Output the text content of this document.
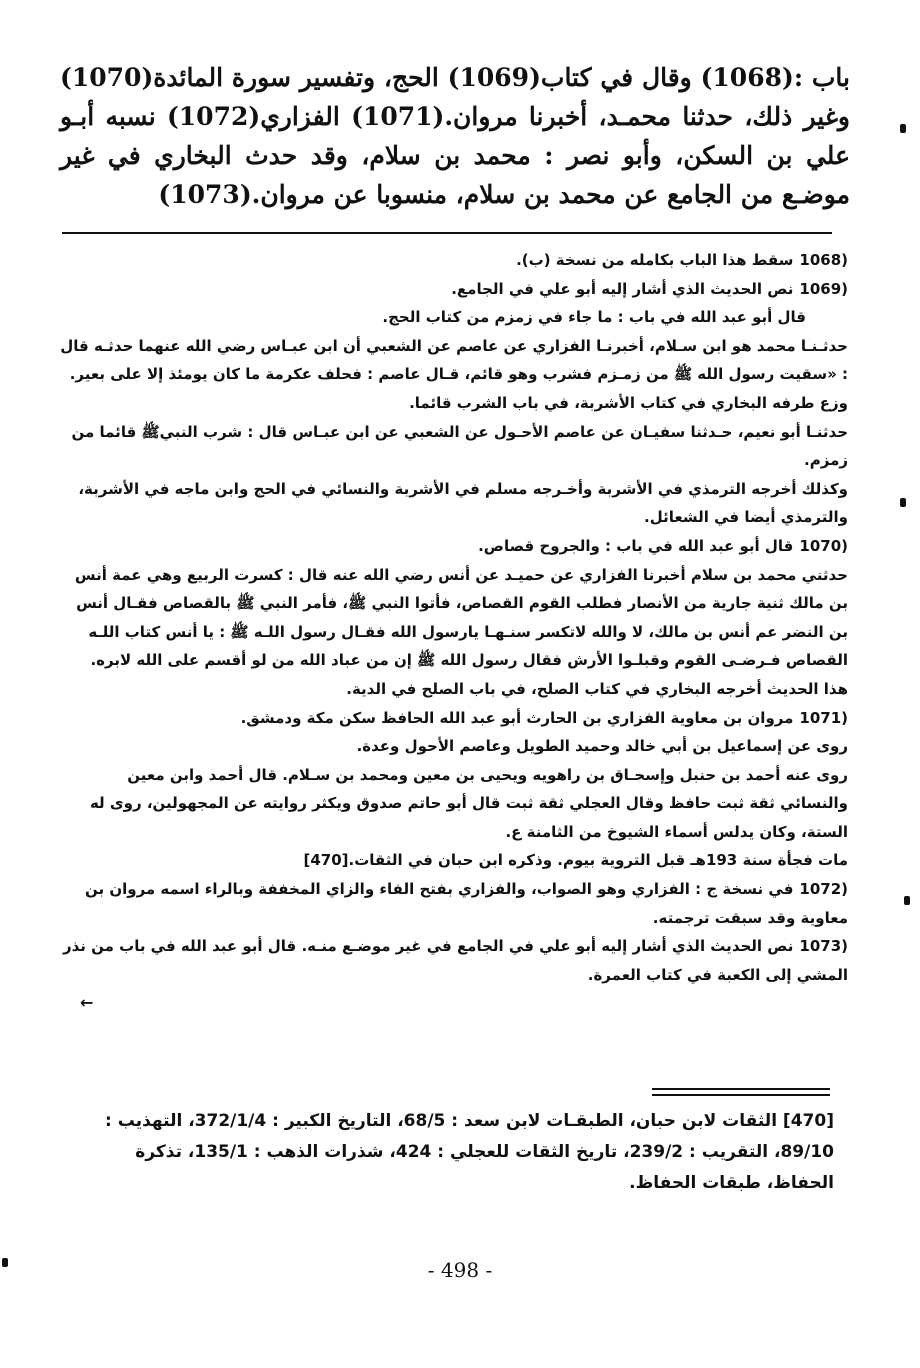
باب :(1068) وقال في كتاب(1069) الحج، وتفسير سورة المائدة(1070) وغير ذلك، حدثنا محمـد، أخبرنا مروان.(1071) الفزاري(1072) نسبه أبـو علي بن السكن، وأبو نصر : محمد بن سلام، وقد حدث البخاري في غير موضـع من الجامع عن محمد بن سلام، منسوبا عن مروان.(1073)

(1068سقط هذا الباب بكامله من نسخة (ب).
(1069نص الحديث الذي أشار إليه أبو علي في الجامع.

قال أبو عبد الله في باب : ما جاء في زمزم من كتاب الحج.

حدثـنـا محمد هو ابن سـلام، أخبرنـا الفزاري عن عاصم عن الشعبي أن ابن عبـاس رضي الله عنهما حدثـه قال : «سقيت رسول الله ﷺ من زمـزم فشرب وهو قائم، قـال عاصم : فحلف عكرمة ما كان يومئذ إلا على بعير. وزع طرفه البخاري في كتاب الأشربة، في باب الشرب قائما.

حدثنـا أبو نعيم، حـدثنا سفيـان عن عاصم الأحـول عن الشعبي عن ابن عبـاس قال : شرب النبيﷺ قائما من زمزم.

وكذلك أخرجه الترمذي في الأشربة وأخـرجه مسلم في الأشربة والنسائي في الحج وابن ماجه في الأشربة، والترمذي أيضا في الشعائل.

(1070قال أبو عبد الله في باب : والجروح قصاص.

حدثني محمد بن سلام أخبرنا الفزاري عن حميـد عن أنس رضي الله عنه قال : كسرت الربيع وهي عمة أنس بن مالك ثنية جارية من الأنصار فطلب القوم القصاص، فأتوا النبي ﷺ، فأمر النبي ﷺ بالقصاص فقـال أنس بن النضر عم أنس بن مالك، لا والله لاتكسر سنـهـا يارسول الله فقـال رسول اللـه ﷺ : يا أنس كتاب اللـه القصاص فـرضـى القوم وقبلـوا الأرش فقال رسول الله ﷺ إن من عباد الله من لو أقسم على الله لابره.

هذا الحديث أخرجه البخاري في كتاب الصلح، في باب الصلح في الدية.

(1071مروان بن معاوية الفزاري بن الحارث أبو عبد الله الحافظ سكن مكة ودمشق.

روى عن إسماعيل بن أبي خالد وحميد الطويل وعاصم الأحول وعدة.

روى عنه أحمد بن حنبل وإسحـاق بن راهويه ويحيى بن معين ومحمد بن سـلام. قال أحمد وابن معين والنسائي ثقة ثبت حافظ وقال العجلي ثقة ثبت قال أبو حاتم صدوق ويكثر روايته عن المجهولين، روى له الستة، وكان يدلس أسماء الشيوخ من الثامنة ع.

مات فجأة سنة 193هـ قبل التروية بيوم. وذكره ابن حبان في الثقات.[470]

(1072في نسخة ج : الفزاري وهو الصواب، والفزاري بفتح الفاء والزاي المخففة وبالراء اسمه مروان بن معاوية وقد سبقت ترجمته.
(1073نص الحديث الذي أشار إليه أبو علي في الجامع في غير موضـع منـه. قال أبو عبد الله في باب من نذر المشي إلى الكعبة في كتاب العمرة.
←

[470] الثقات لابن حبان، الطبقـات لابن سعد : 68/5، التاريخ الكبير : 372/1/4، التهذيب : 89/10، التقريب : 239/2، تاريخ الثقات للعجلي : 424، شذرات الذهب : 135/1، تذكرة الحفاظ، طبقات الحفاظ.

- 498 -
